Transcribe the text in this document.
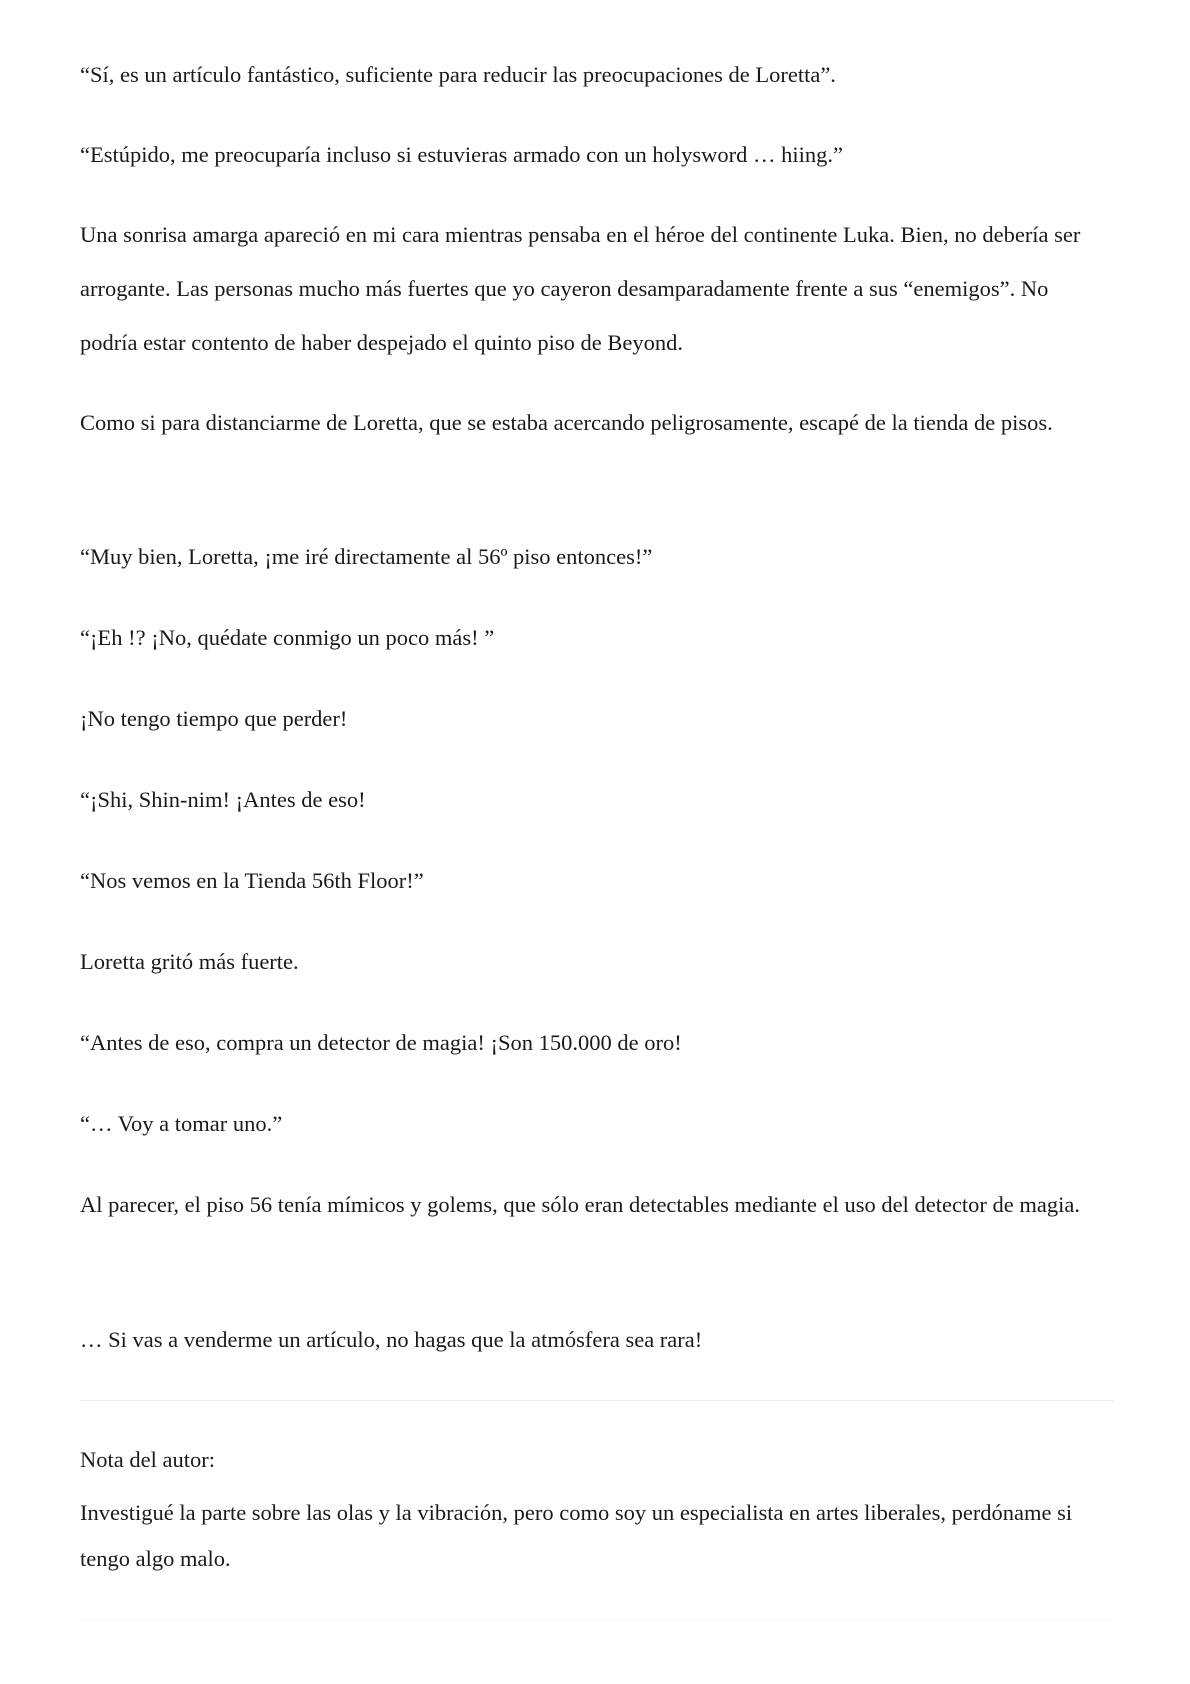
“Sí, es un artículo fantástico, suficiente para reducir las preocupaciones de Loretta”.

“Estúpido, me preocuparía incluso si estuvieras armado con un holysword … hiing.”

Una sonrisa amarga apareció en mi cara mientras pensaba en el héroe del continente Luka. Bien, no debería ser arrogante. Las personas mucho más fuertes que yo cayeron desamparadamente frente a sus “enemigos”. No podría estar contento de haber despejado el quinto piso de Beyond.

Como si para distanciarme de Loretta, que se estaba acercando peligrosamente, escapé de la tienda de pisos.

“Muy bien, Loretta, ¡me iré directamente al 56º piso entonces!”

“¡Eh !? ¡No, quédate conmigo un poco más! ”

¡No tengo tiempo que perder!

“¡Shi, Shin-nim! ¡Antes de eso!

“Nos vemos en la Tienda 56th Floor!”

Loretta gritó más fuerte.

“Antes de eso, compra un detector de magia! ¡Son 150.000 de oro!

“… Voy a tomar uno.”

Al parecer, el piso 56 tenía mímicos y golems, que sólo eran detectables mediante el uso del detector de magia.

… Si vas a venderme un artículo, no hagas que la atmósfera sea rara!

Nota del autor:

Investigué la parte sobre las olas y la vibración, pero como soy un especialista en artes liberales, perdóname si tengo algo malo.
